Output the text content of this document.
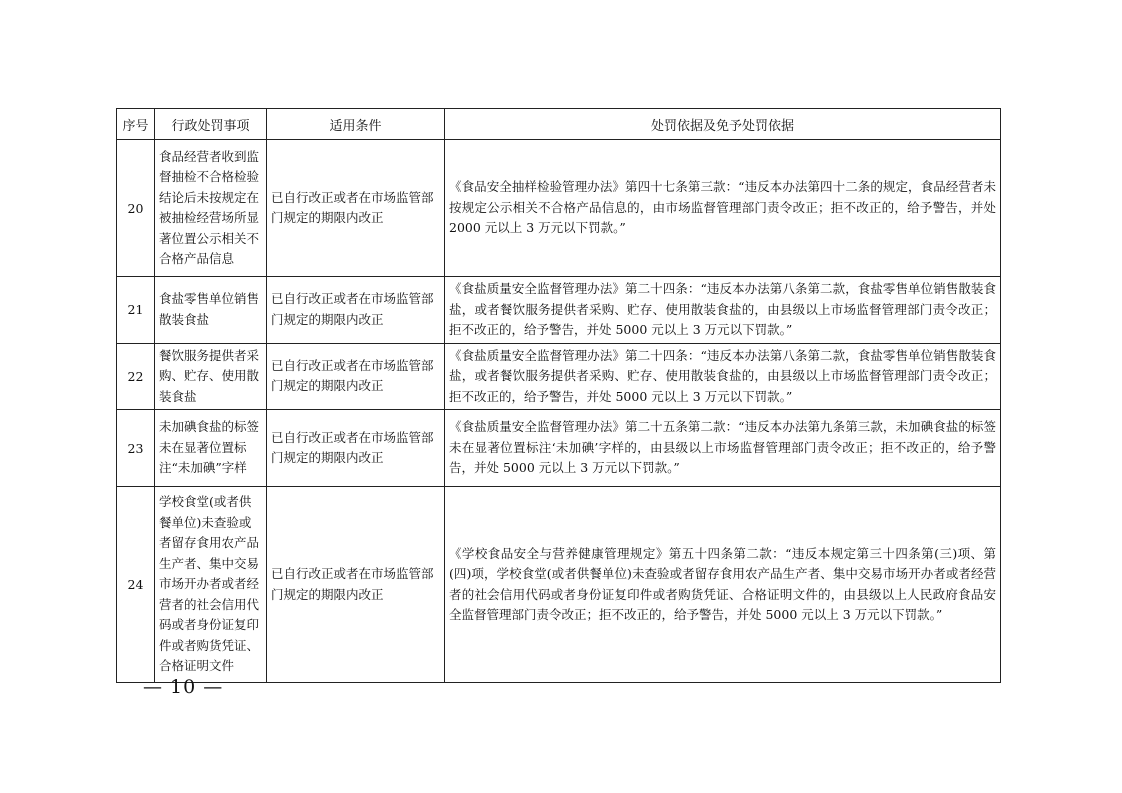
序号	行政处罚事项	适用条件	处罚依据及免予处罚依据
20	食品经营者收到监督抽检不合格检验结论后未按规定在被抽检经营场所显著位置公示相关不合格产品信息	已自行改正或者在市场监管部门规定的期限内改正	《食品安全抽样检验管理办法》第四十七条第三款：“违反本办法第四十二条的规定，食品经营者未按规定公示相关不合格产品信息的，由市场监督管理部门责令改正；拒不改正的，给予警告，并处 2000 元以上 3 万元以下罚款。”
21	食盐零售单位销售散装食盐	已自行改正或者在市场监管部门规定的期限内改正	《食盐质量安全监督管理办法》第二十四条：“违反本办法第八条第二款，食盐零售单位销售散装食盐，或者餐饮服务提供者采购、贮存、使用散装食盐的，由县级以上市场监督管理部门责令改正；拒不改正的，给予警告，并处 5000 元以上 3 万元以下罚款。”
22	餐饮服务提供者采购、贮存、使用散装食盐	已自行改正或者在市场监管部门规定的期限内改正	《食盐质量安全监督管理办法》第二十四条：“违反本办法第八条第二款，食盐零售单位销售散装食盐，或者餐饮服务提供者采购、贮存、使用散装食盐的，由县级以上市场监督管理部门责令改正；拒不改正的，给予警告，并处 5000 元以上 3 万元以下罚款。”
23	未加碘食盐的标签未在显著位置标注“未加碘”字样	已自行改正或者在市场监管部门规定的期限内改正	《食盐质量安全监督管理办法》第二十五条第二款：“违反本办法第九条第三款，未加碘食盐的标签未在显著位置标注‘未加碘’字样的，由县级以上市场监督管理部门责令改正；拒不改正的，给予警告，并处 5000 元以上 3 万元以下罚款。”
24	学校食堂(或者供餐单位)未查验或者留存食用农产品生产者、集中交易市场开办者或者经营者的社会信用代码或者身份证复印件或者购货凭证、合格证明文件	已自行改正或者在市场监管部门规定的期限内改正	《学校食品安全与营养健康管理规定》第五十四条第二款：“违反本规定第三十四条第(三)项、第(四)项，学校食堂(或者供餐单位)未查验或者留存食用农产品生产者、集中交易市场开办者或者经营者的社会信用代码或者身份证复印件或者购货凭证、合格证明文件的，由县级以上人民政府食品安全监督管理部门责令改正；拒不改正的，给予警告，并处 5000 元以上 3 万元以下罚款。”
— 10 —
